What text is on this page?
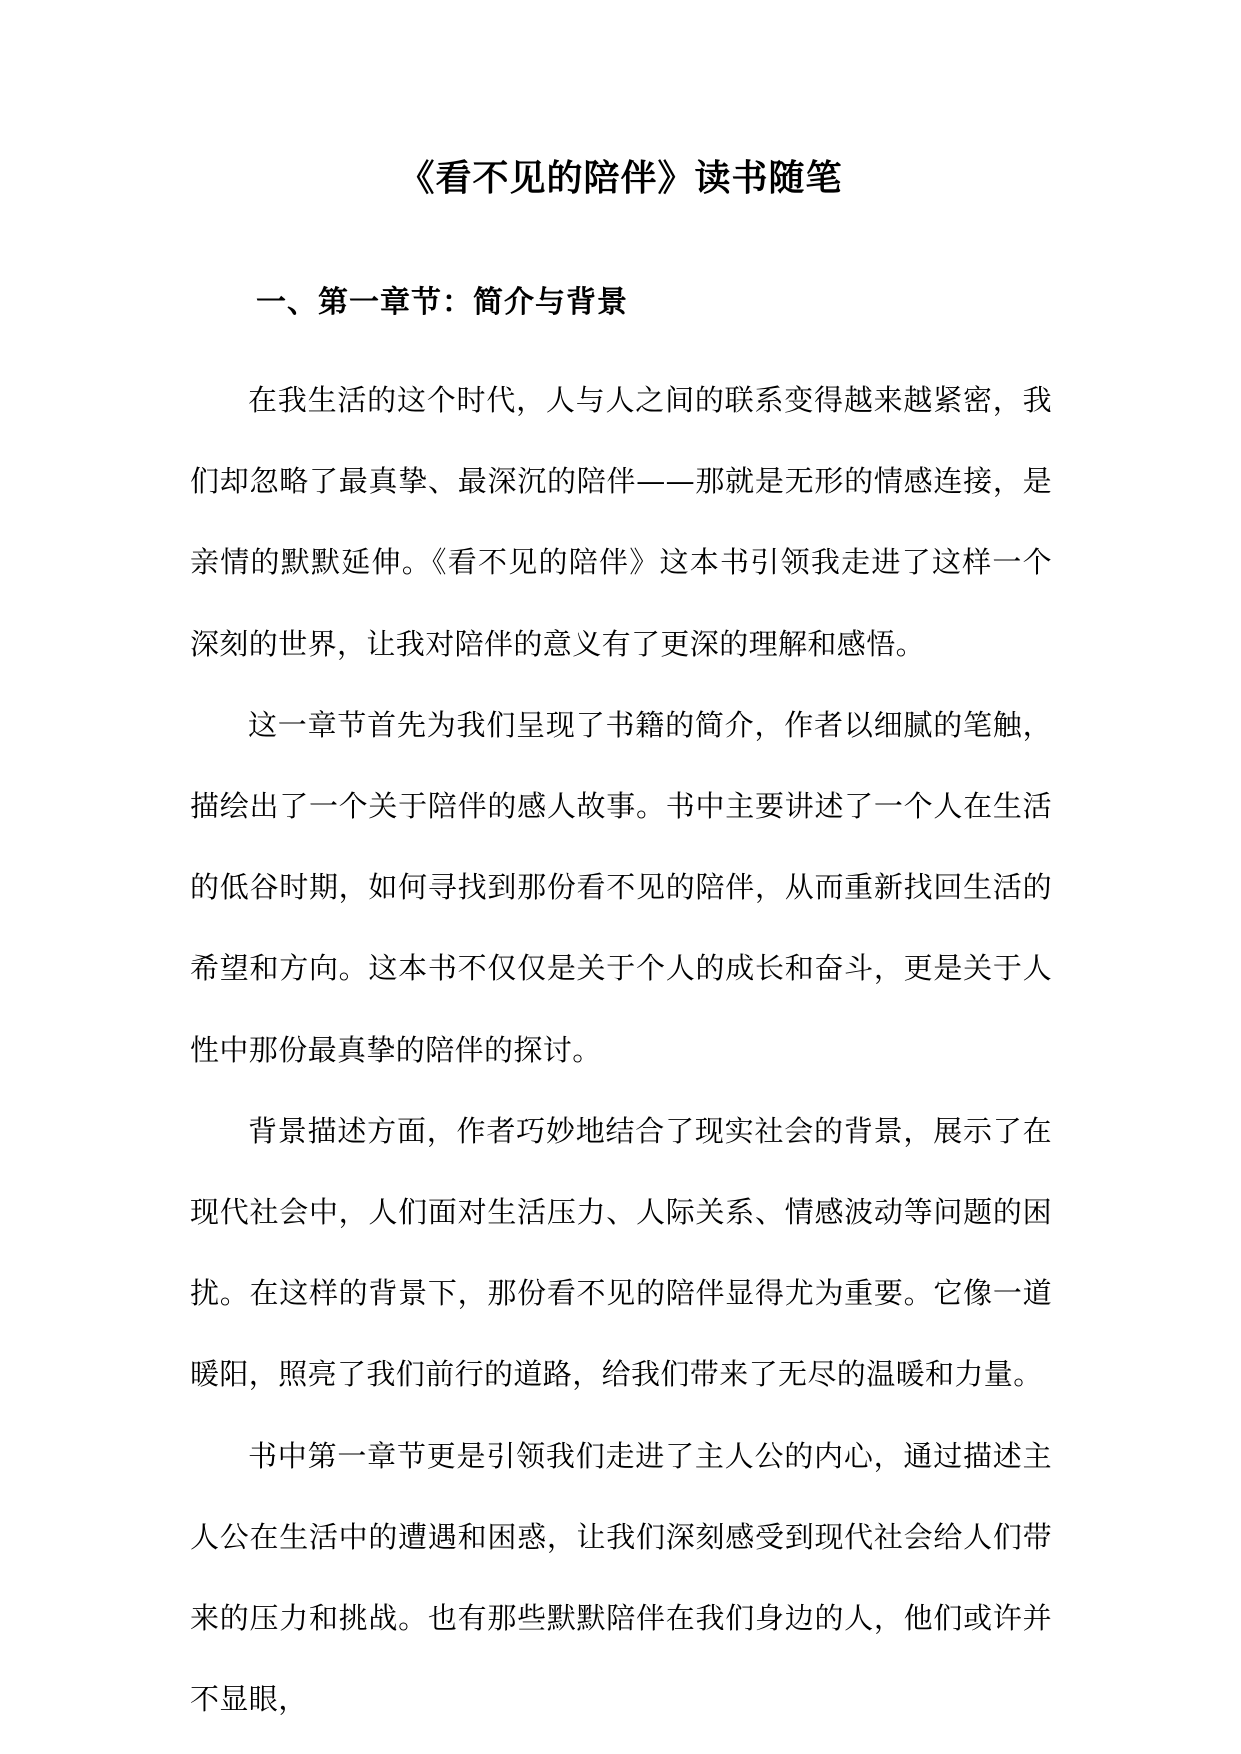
《看不见的陪伴》读书随笔
一、第一章节：简介与背景

在我生活的这个时代，人与人之间的联系变得越来越紧密，我们却忽略了最真挚、最深沉的陪伴——那就是无形的情感连接，是亲情的默默延伸。《看不见的陪伴》这本书引领我走进了这样一个深刻的世界，让我对陪伴的意义有了更深的理解和感悟。

这一章节首先为我们呈现了书籍的简介，作者以细腻的笔触，描绘出了一个关于陪伴的感人故事。书中主要讲述了一个人在生活的低谷时期，如何寻找到那份看不见的陪伴，从而重新找回生活的希望和方向。这本书不仅仅是关于个人的成长和奋斗，更是关于人性中那份最真挚的陪伴的探讨。

背景描述方面，作者巧妙地结合了现实社会的背景，展示了在现代社会中，人们面对生活压力、人际关系、情感波动等问题的困扰。在这样的背景下，那份看不见的陪伴显得尤为重要。它像一道暖阳，照亮了我们前行的道路，给我们带来了无尽的温暖和力量。

书中第一章节更是引领我们走进了主人公的内心，通过描述主人公在生活中的遭遇和困惑，让我们深刻感受到现代社会给人们带来的压力和挑战。也有那些默默陪伴在我们身边的人，他们或许并不显眼，
